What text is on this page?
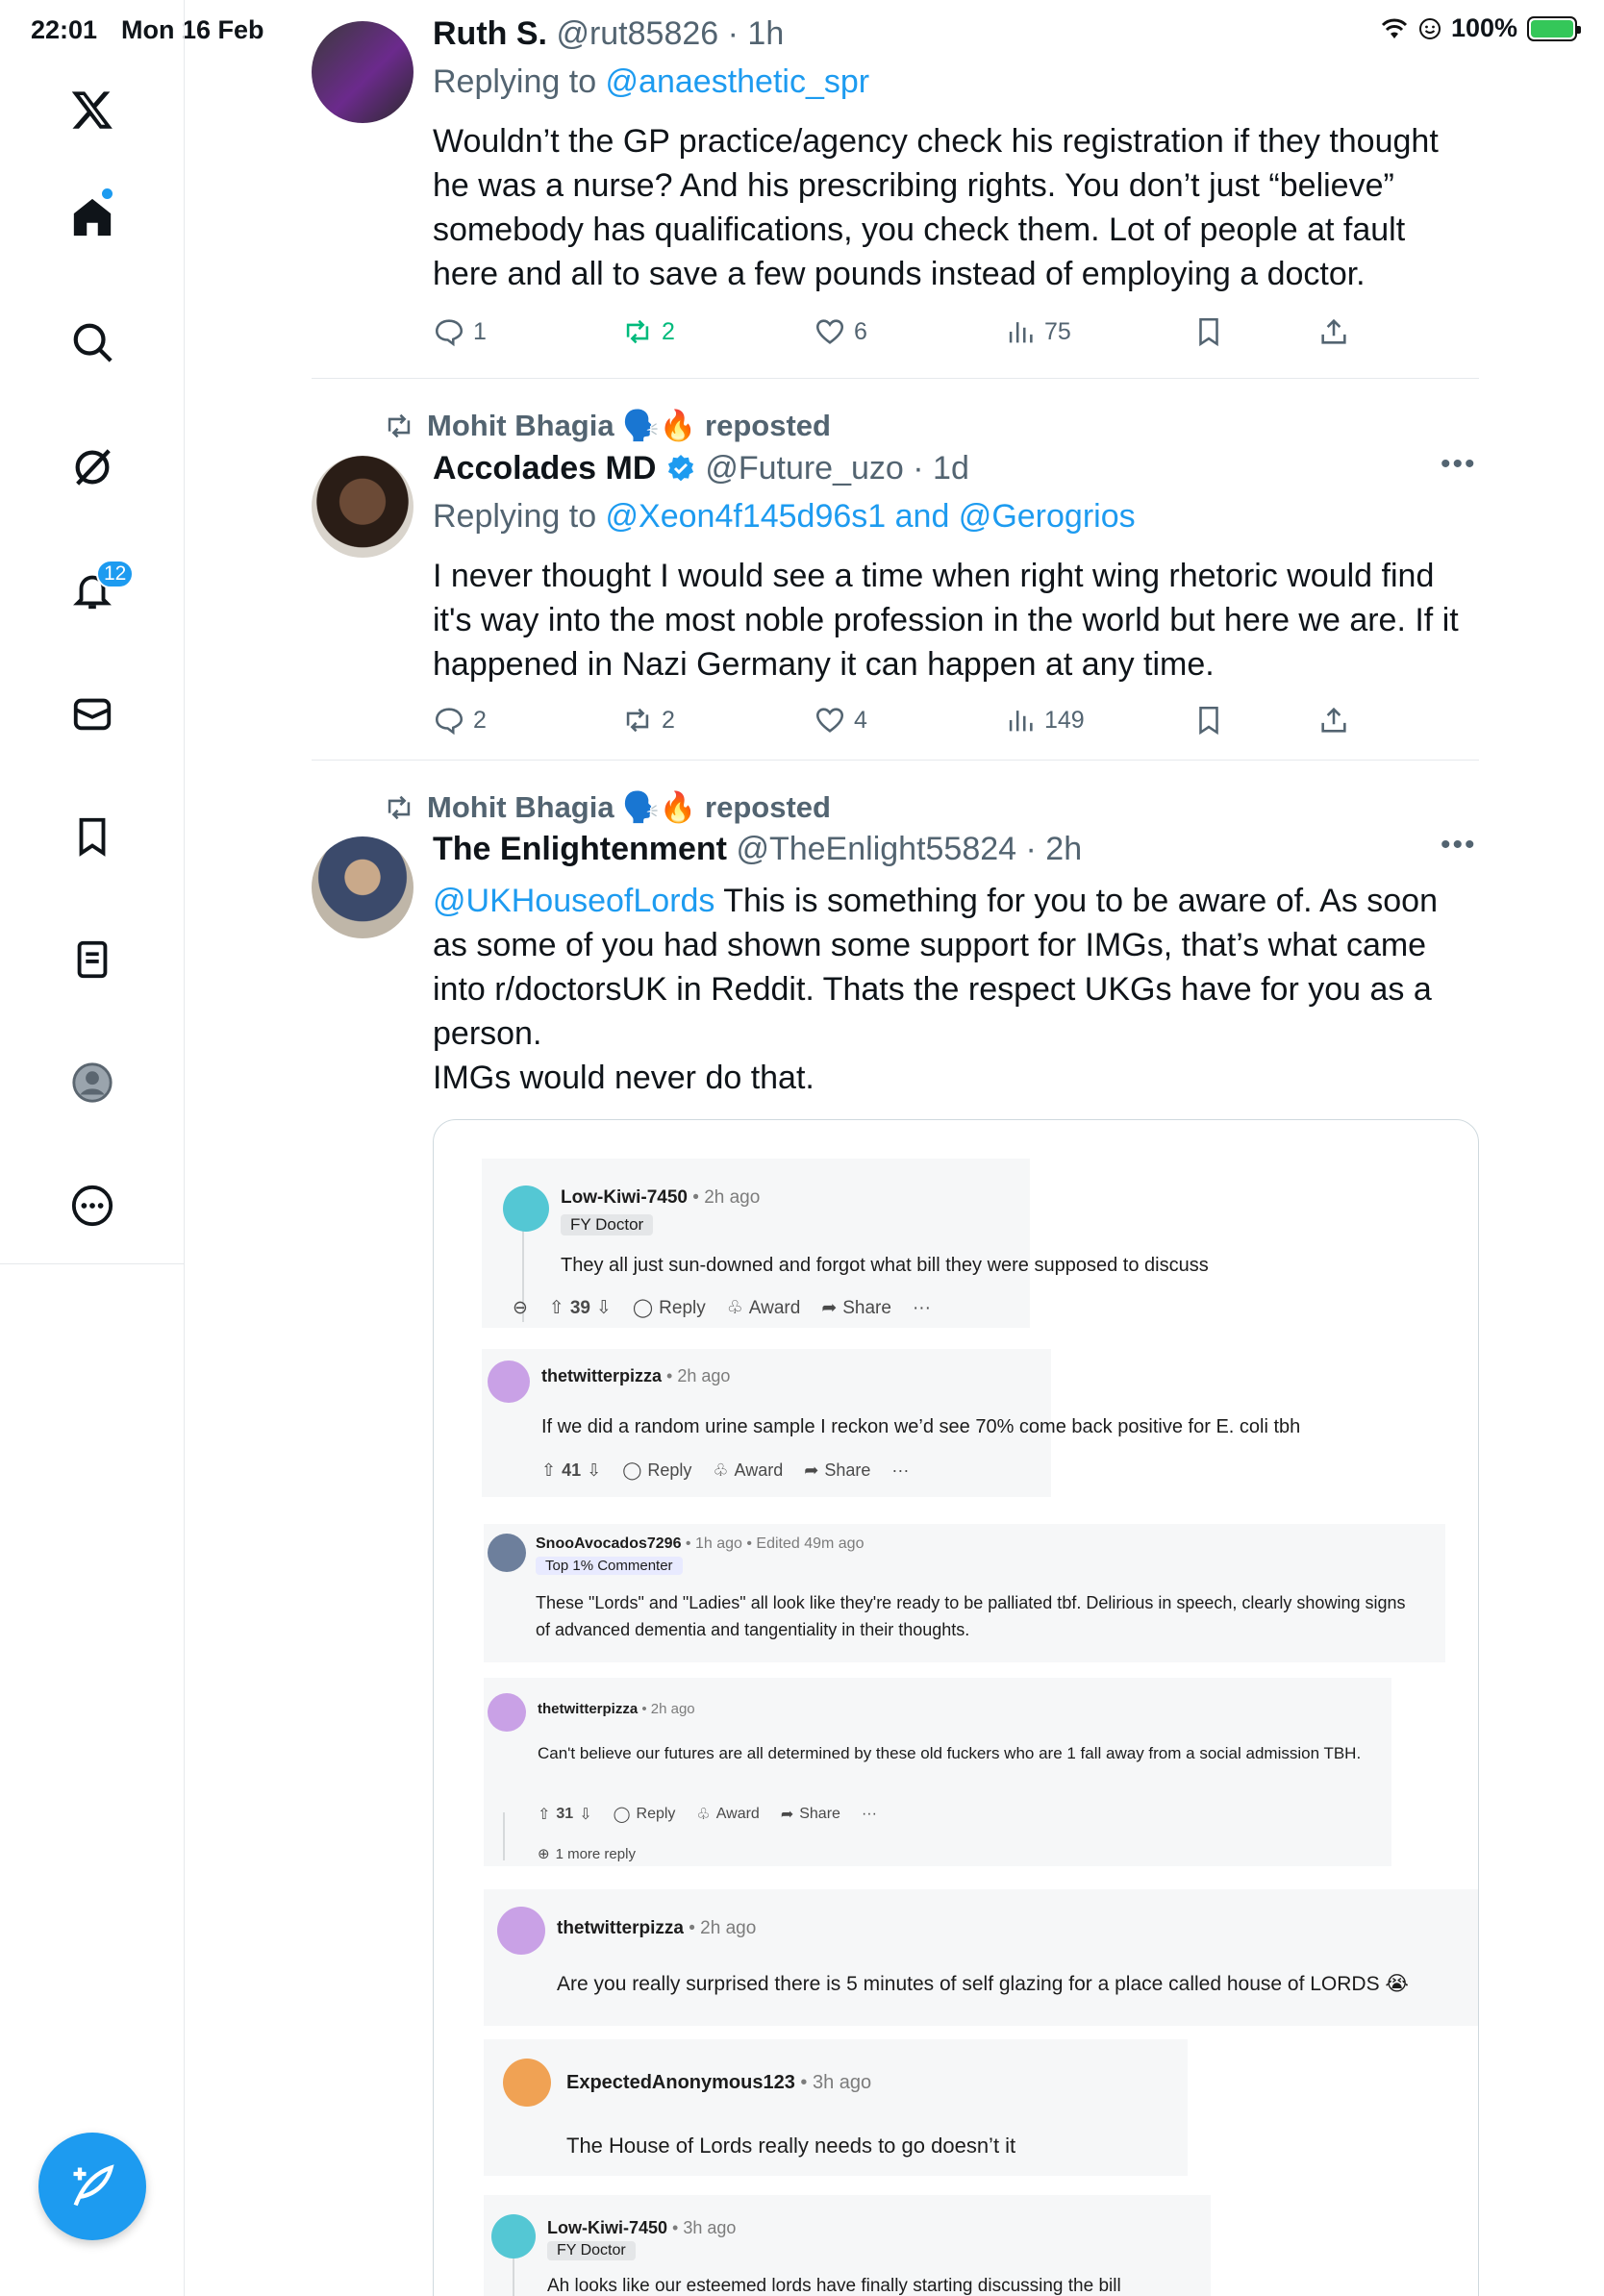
22:01 Mon 16 Feb	100%
12
Ruth S. @rut85826 · 1h
Replying to @anaesthetic_spr
Wouldn’t the GP practice/agency check his registration if they thought he was a nurse? And his prescribing rights. You don’t just “believe” somebody has qualifications, you check them. Lot of people at fault here and all to save a few pounds instead of employing a doctor.
1	2	6	75
Mohit Bhagia 🗣️🔥 reposted
Accolades MD @Future_uzo · 1d	•••
Replying to @Xeon4f145d96s1 and @Gerogrios
I never thought I would see a time when right wing rhetoric would find it's way into the most noble profession in the world but here we are. If it happened in Nazi Germany it can happen at any time.
2	2	4	149
Mohit Bhagia 🗣️🔥 reposted
The Enlightenment @TheEnlight55824 · 2h	•••
@UKHouseofLords This is something for you to be aware of. As soon as some of you had shown some support for IMGs, that’s what came into r/doctorsUK in Reddit. Thats the respect UKGs have for you as a person.
IMGs would never do that.
Low-Kiwi-7450 • 2h ago
FY Doctor
They all just sun-downed and forgot what bill they were supposed to discuss
⊖ ⇧ 39 ⇩ ◯ Reply ♧ Award ➦ Share ···
thetwitterpizza • 2h ago
If we did a random urine sample I reckon we’d see 70% come back positive for E. coli tbh
⇧ 41 ⇩ ◯ Reply ♧ Award ➦ Share ···
SnooAvocados7296 • 1h ago • Edited 49m ago
Top 1% Commenter
These "Lords" and "Ladies" all look like they're ready to be palliated tbf. Delirious in speech, clearly showing signs of advanced dementia and tangentiality in their thoughts.
thetwitterpizza • 2h ago
Can't believe our futures are all determined by these old fuckers who are 1 fall away from a social admission TBH.
⇧ 31 ⇩ ◯ Reply ♧ Award ➦ Share ···
⊕ 1 more reply
thetwitterpizza • 2h ago
Are you really surprised there is 5 minutes of self glazing for a place called house of LORDS 😭
ExpectedAnonymous123 • 3h ago
The House of Lords really needs to go doesn’t it
Low-Kiwi-7450 • 3h ago
FY Doctor
Ah looks like our esteemed lords have finally starting discussing the bill
